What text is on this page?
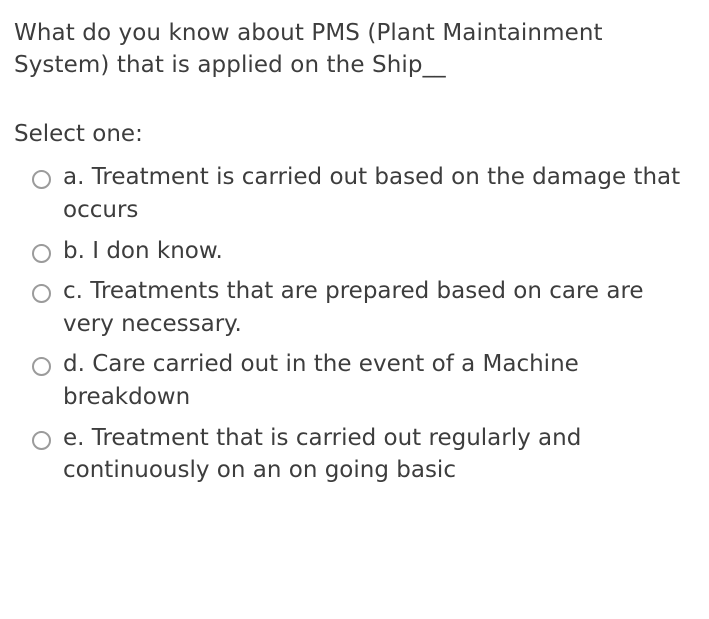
What do you know about PMS (Plant Maintainment System) that is applied on the Ship__
Select one:
a. Treatment is carried out based on the damage that occurs
b. I don know.
c. Treatments that are prepared based on care are very necessary.
d. Care carried out in the event of a Machine breakdown
e. Treatment that is carried out regularly and continuously on an on going basic
